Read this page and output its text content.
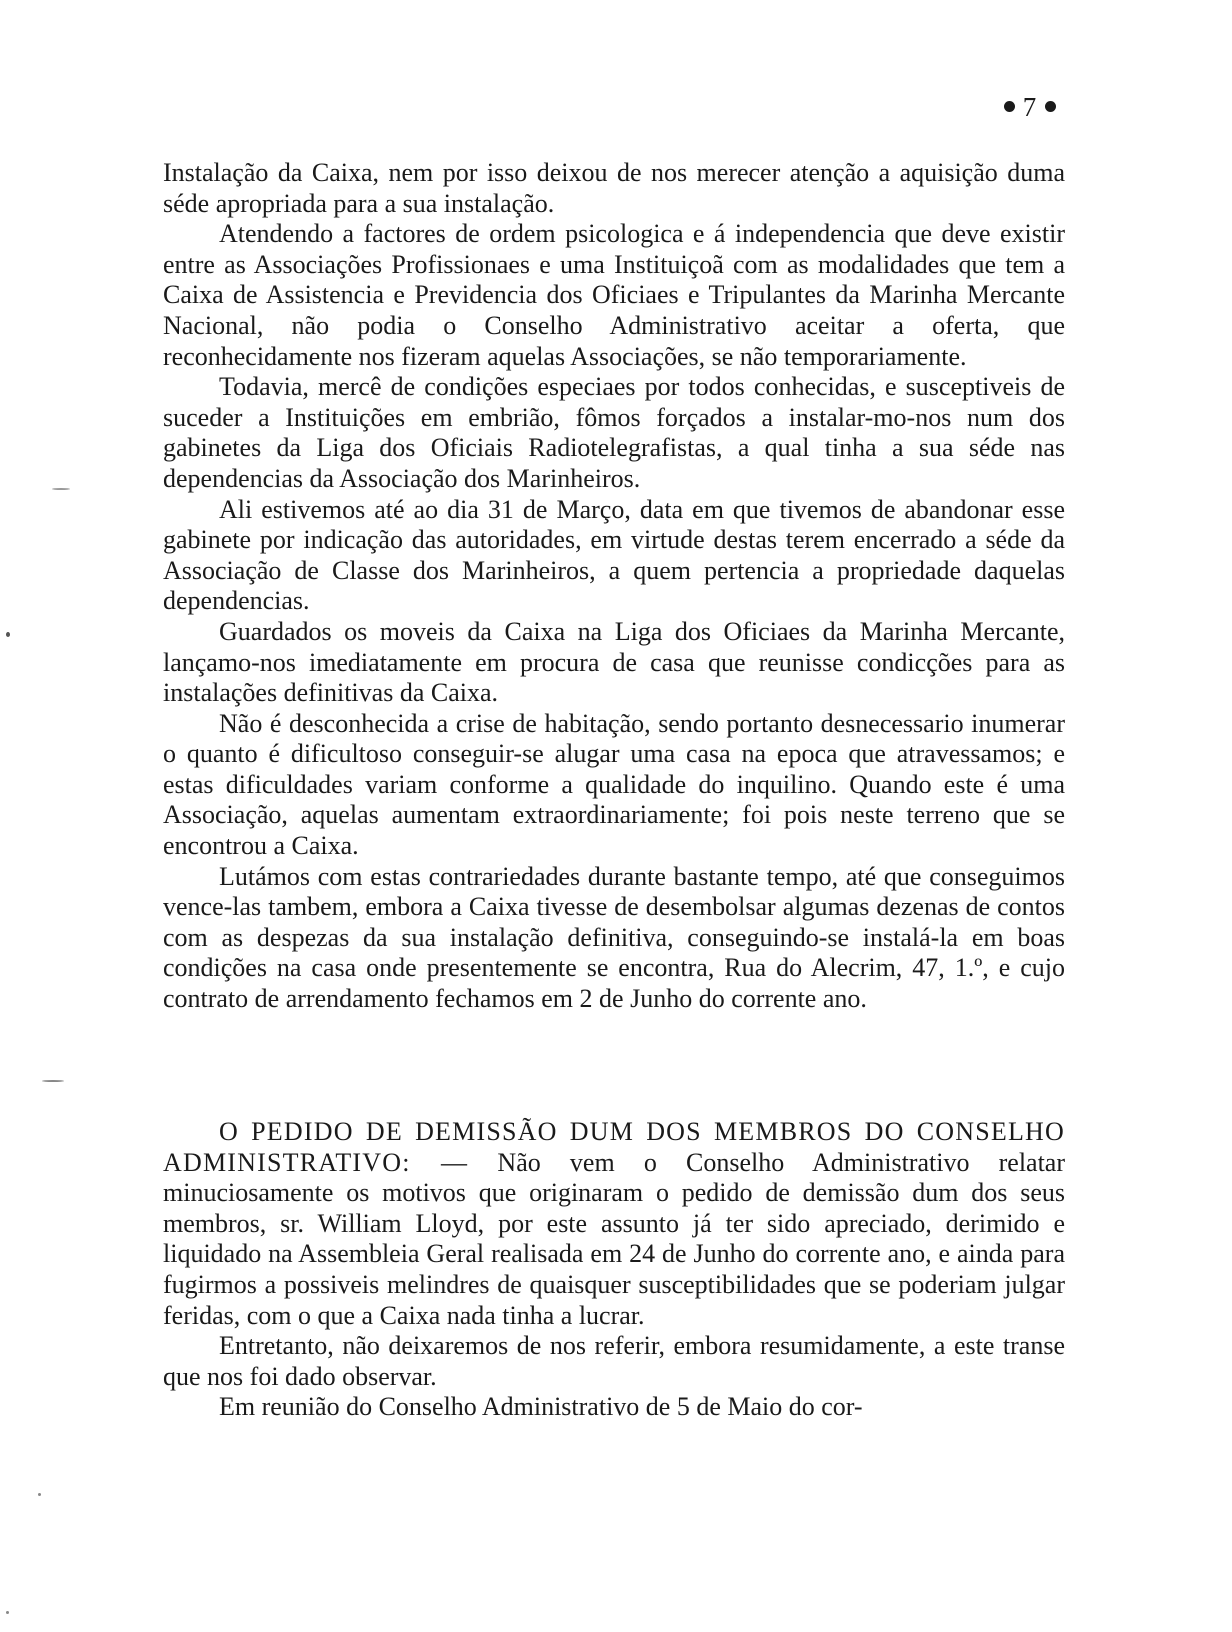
7

Instalação da Caixa, nem por isso deixou de nos merecer atenção a aquisição duma séde apropriada para a sua instalação.

Atendendo a factores de ordem psicologica e á independencia que deve existir entre as Associações Profissionaes e uma Instituiçoã com as modalidades que tem a Caixa de Assistencia e Previdencia dos Oficiaes e Tripulantes da Marinha Mercante Nacional, não podia o Conselho Administrativo aceitar a oferta, que reconhecidamente nos fizeram aquelas Associações, se não temporariamente.

Todavia, mercê de condições especiaes por todos conhecidas, e susceptiveis de suceder a Instituições em embrião, fômos forçados a instalar-mo-nos num dos gabinetes da Liga dos Oficiais Radiotelegrafistas, a qual tinha a sua séde nas dependencias da Associação dos Marinheiros.

Ali estivemos até ao dia 31 de Março, data em que tivemos de abandonar esse gabinete por indicação das autoridades, em virtude destas terem encerrado a séde da Associação de Classe dos Marinheiros, a quem pertencia a propriedade daquelas dependencias.

Guardados os moveis da Caixa na Liga dos Oficiaes da Marinha Mercante, lançamo-nos imediatamente em procura de casa que reunisse condicções para as instalações definitivas da Caixa.

Não é desconhecida a crise de habitação, sendo portanto desnecessario inumerar o quanto é dificultoso conseguir-se alugar uma casa na epoca que atravessamos; e estas dificuldades variam conforme a qualidade do inquilino. Quando este é uma Associação, aquelas aumentam extraordinariamente; foi pois neste terreno que se encontrou a Caixa.

Lutámos com estas contrariedades durante bastante tempo, até que conseguimos vence-las tambem, embora a Caixa tivesse de desembolsar algumas dezenas de contos com as despezas da sua instalação definitiva, conseguindo-se instalá-la em boas condições na casa onde presentemente se encontra, Rua do Alecrim, 47, 1.º, e cujo contrato de arrendamento fechamos em 2 de Junho do corrente ano.

O PEDIDO DE DEMISSÃO DUM DOS MEMBROS DO CONSELHO ADMINISTRATIVO: — Não vem o Conselho Administrativo relatar minuciosamente os motivos que originaram o pedido de demissão dum dos seus membros, sr. William Lloyd, por este assunto já ter sido apreciado, derimido e liquidado na Assembleia Geral realisada em 24 de Junho do corrente ano, e ainda para fugirmos a possiveis melindres de quaisquer susceptibilidades que se poderiam julgar feridas, com o que a Caixa nada tinha a lucrar.

Entretanto, não deixaremos de nos referir, embora resumidamente, a este transe que nos foi dado observar.

Em reunião do Conselho Administrativo de 5 de Maio do cor-
